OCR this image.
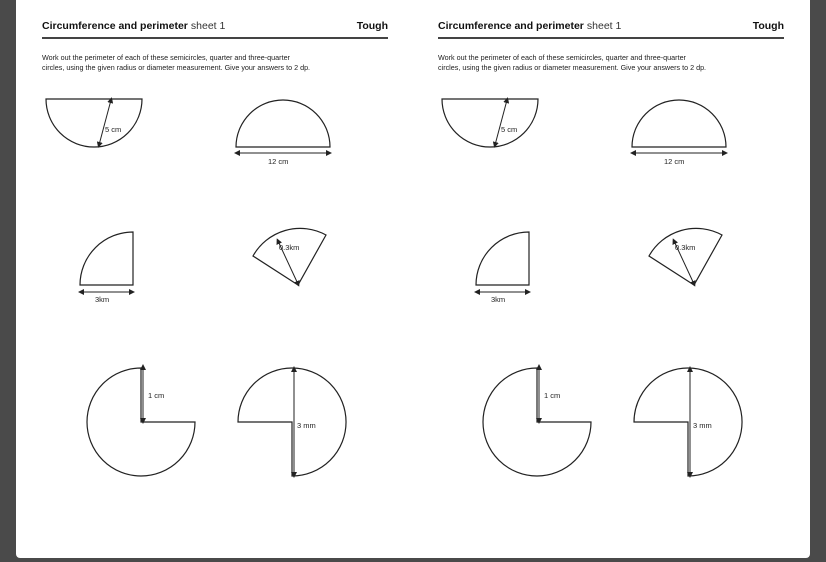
Circumference and perimeter sheet 1	Tough
Work out the perimeter of each of these semicircles, quarter and three-quarter
circles, using the given radius or diameter measurement. Give your answers to 2 dp.
5 cm
12 cm
3km
0.3km
1 cm
3 mm
Circumference and perimeter sheet 1	Tough
Work out the perimeter of each of these semicircles, quarter and three-quarter
circles, using the given radius or diameter measurement. Give your answers to 2 dp.
5 cm
12 cm
3km
0.3km
1 cm
3 mm
